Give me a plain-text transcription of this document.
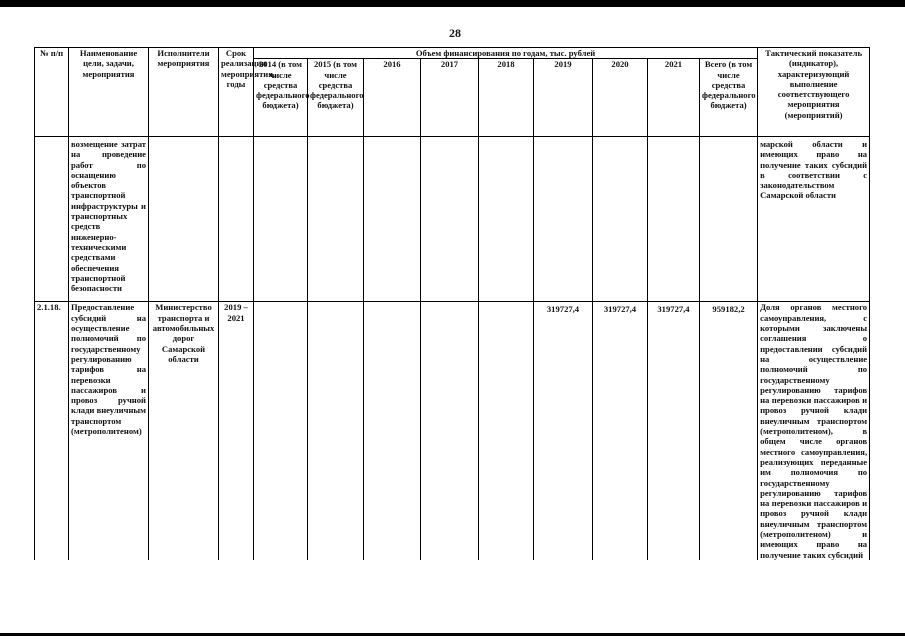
28
№ п/п	Наименование цели, задачи, мероприятия	Исполнители мероприятия	Срок реализации мероприятия, годы	Объем финансирования по годам, тыс. рублей									Тактический показатель (индикатор), характеризующий выполнение соответствующего мероприятия (мероприятий)
				2014 (в том числе средства федерального бюджета)	2015 (в том числе средства федерального бюджета)	2016	2017	2018	2019	2020	2021	Всего (в том числе средства федерального бюджета)	
	возмещение затрат на проведение работ по оснащению объектов транспортной инфраструктуры и транспортных средств инженерно-техническими средствами обеспечения транспортной безопасности												марской области и имеющих право на получение таких субсидий в соответствии с законодательством Самарской области

2.1.18.	Предоставление субсидий на осуществление полномочий по государственному регулированию тарифов на перевозки пассажиров и провоз ручной клади внеуличным транспортом (метрополитеном)	Министерство транспорта и автомобильных дорог Самарской области	2019 – 2021						319727,4	319727,4	319727,4	959182,2	Доля органов местного самоуправления, с которыми заключены соглашения о предоставлении субсидий на осуществление полномочий по государственному регулированию тарифов на перевозки пассажиров и провоз ручной клади внеуличным транспортом (метрополитеном), в общем числе органов местного самоуправления, реализующих переданные им полномочия по государственному регулированию тарифов на перевозки пассажиров и провоз ручной клади внеуличным транспортом (метрополитеном) и имеющих право на получение таких субсидий
